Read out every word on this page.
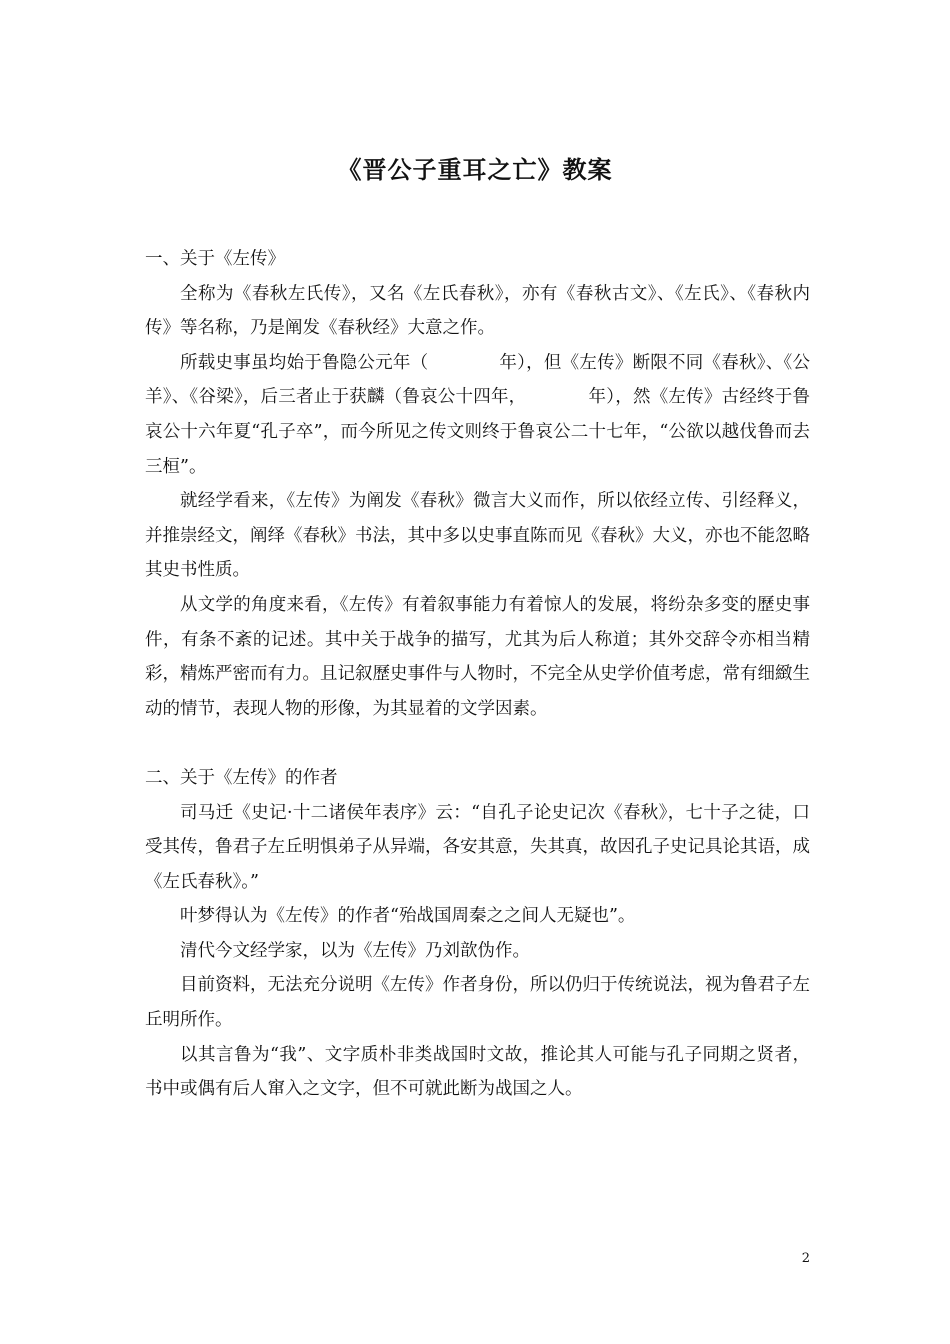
《晋公子重耳之亡》教案
一、关于《左传》

全称为《春秋左氏传》，又名《左氏春秋》，亦有《春秋古文》、《左氏》、《春秋内传》等名称，乃是阐发《春秋经》大意之作。

所载史事虽均始于鲁隐公元年（　　　　年），但《左传》断限不同《春秋》、《公羊》、《谷梁》，后三者止于获麟（鲁哀公十四年，　　　　年），然《左传》古经终于鲁哀公十六年夏“孔子卒”，而今所见之传文则终于鲁哀公二十七年，“公欲以越伐鲁而去三桓”。

就经学看来，《左传》为阐发《春秋》微言大义而作，所以依经立传、引经释义，并推崇经文，阐绎《春秋》书法，其中多以史事直陈而见《春秋》大义，亦也不能忽略其史书性质。

从文学的角度来看，《左传》有着叙事能力有着惊人的发展，将纷杂多变的歷史事件，有条不紊的记述。其中关于战争的描写，尤其为后人称道；其外交辞令亦相当精彩，精炼严密而有力。且记叙歷史事件与人物时，不完全从史学价值考虑，常有细緻生动的情节，表现人物的形像，为其显着的文学因素。

二、关于《左传》的作者

司马迁《史记·十二诸侯年表序》云：“自孔子论史记次《春秋》，七十子之徒，口受其传，鲁君子左丘明惧弟子从异端，各安其意，失其真，故因孔子史记具论其语，成《左氏春秋》。”

叶梦得认为《左传》的作者“殆战国周秦之之间人无疑也”。

清代今文经学家，以为《左传》乃刘歆伪作。

目前资料，无法充分说明《左传》作者身份，所以仍归于传统说法，视为鲁君子左丘明所作。

以其言鲁为“我”、文字质朴非类战国时文故，推论其人可能与孔子同期之贤者，书中或偶有后人窜入之文字，但不可就此断为战国之人。

2
